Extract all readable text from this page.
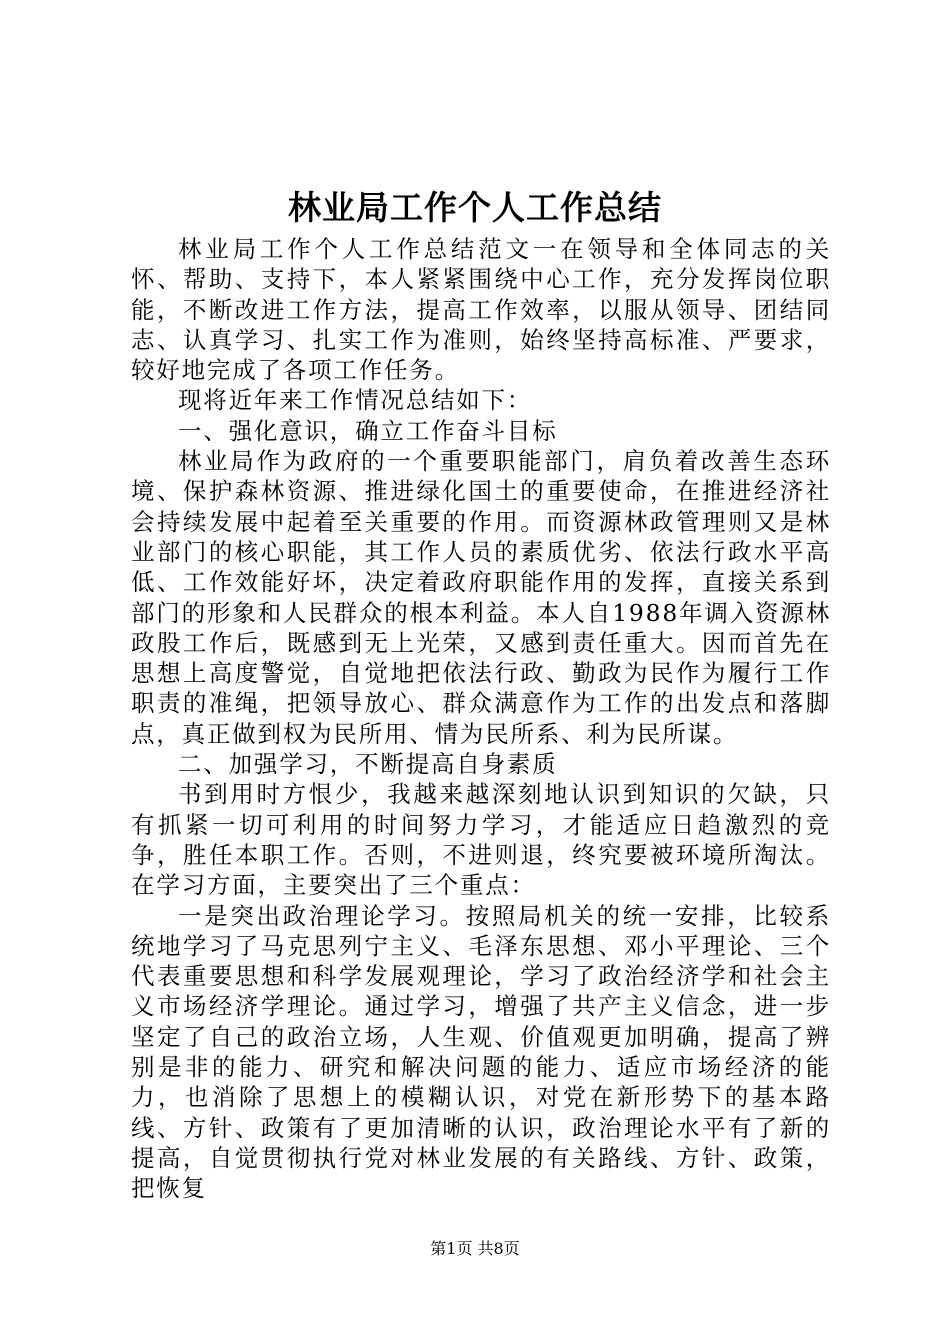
林业局工作个人工作总结

林业局工作个人工作总结范文一在领导和全体同志的关怀、帮助、支持下，本人紧紧围绕中心工作，充分发挥岗位职能，不断改进工作方法，提高工作效率，以服从领导、团结同志、认真学习、扎实工作为准则，始终坚持高标准、严要求，较好地完成了各项工作任务。

现将近年来工作情况总结如下：

一、强化意识，确立工作奋斗目标

林业局作为政府的一个重要职能部门，肩负着改善生态环境、保护森林资源、推进绿化国土的重要使命，在推进经济社会持续发展中起着至关重要的作用。而资源林政管理则又是林业部门的核心职能，其工作人员的素质优劣、依法行政水平高低、工作效能好坏，决定着政府职能作用的发挥，直接关系到部门的形象和人民群众的根本利益。本人自1988年调入资源林政股工作后，既感到无上光荣，又感到责任重大。因而首先在思想上高度警觉，自觉地把依法行政、勤政为民作为履行工作职责的准绳，把领导放心、群众满意作为工作的出发点和落脚点，真正做到权为民所用、情为民所系、利为民所谋。

二、加强学习，不断提高自身素质

书到用时方恨少，我越来越深刻地认识到知识的欠缺，只有抓紧一切可利用的时间努力学习，才能适应日趋激烈的竞争，胜任本职工作。否则，不进则退，终究要被环境所淘汰。在学习方面，主要突出了三个重点：

一是突出政治理论学习。按照局机关的统一安排，比较系统地学习了马克思列宁主义、毛泽东思想、邓小平理论、三个代表重要思想和科学发展观理论，学习了政治经济学和社会主义市场经济学理论。通过学习，增强了共产主义信念，进一步坚定了自己的政治立场，人生观、价值观更加明确，提高了辨别是非的能力、研究和解决问题的能力、适应市场经济的能力，也消除了思想上的模糊认识，对党在新形势下的基本路线、方针、政策有了更加清晰的认识，政治理论水平有了新的提高，自觉贯彻执行党对林业发展的有关路线、方针、政策，把恢复

第1页 共8页
